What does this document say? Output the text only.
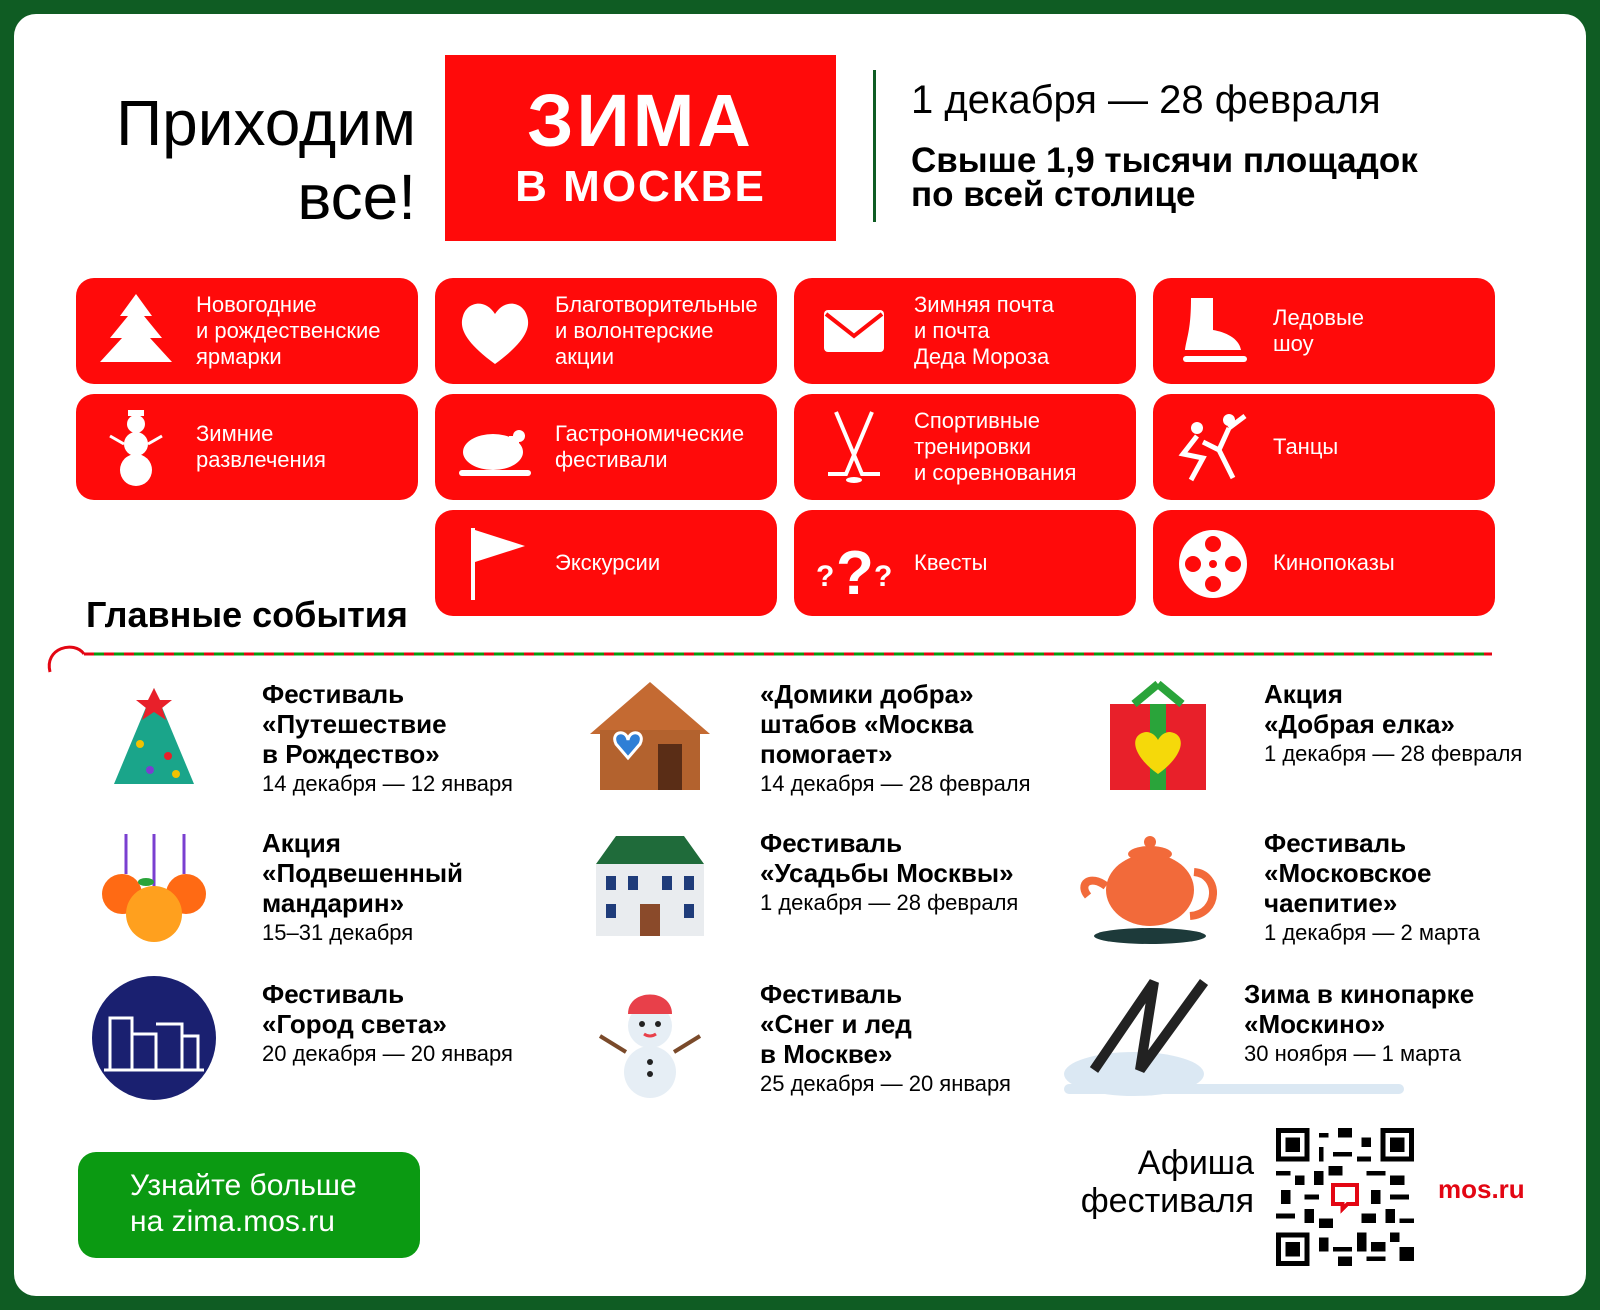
Приходим
все!
ЗИМА
В МОСКВЕ
1 декабря — 28 февраля
Свыше 1,9 тысячи площадок
по всей столице
Новогодние
и рождественские
ярмарки
Благотворительные
и волонтерские
акции
Зимняя почта
и почта
Деда Мороза
Ледовые
шоу
Зимние
развлечения
Гастрономические
фестивали
Спортивные
тренировки
и соревнования
Танцы
Экскурсии	? ? ? Квесты	Кинопоказы
Главные события
Фестиваль
«Путешествие
в Рождество»
14 декабря — 12 января
«Домики добра»
штабов «Москва
помогает»
14 декабря — 28 февраля
Акция
«Добрая елка»
1 декабря — 28 февраля
Акция
«Подвешенный
мандарин»
15–31 декабря
Фестиваль
«Усадьбы Москвы»
1 декабря — 28 февраля
Фестиваль
«Московское
чаепитие»
1 декабря — 2 марта
Фестиваль
«Город света»
20 декабря — 20 января
Фестиваль
«Снег и лед
в Москве»
25 декабря — 20 января
Зима в кинопарке
«Москино»
30 ноября — 1 марта
Узнайте больше
на zima.mos.ru
Афиша
фестиваля	mos.ru
